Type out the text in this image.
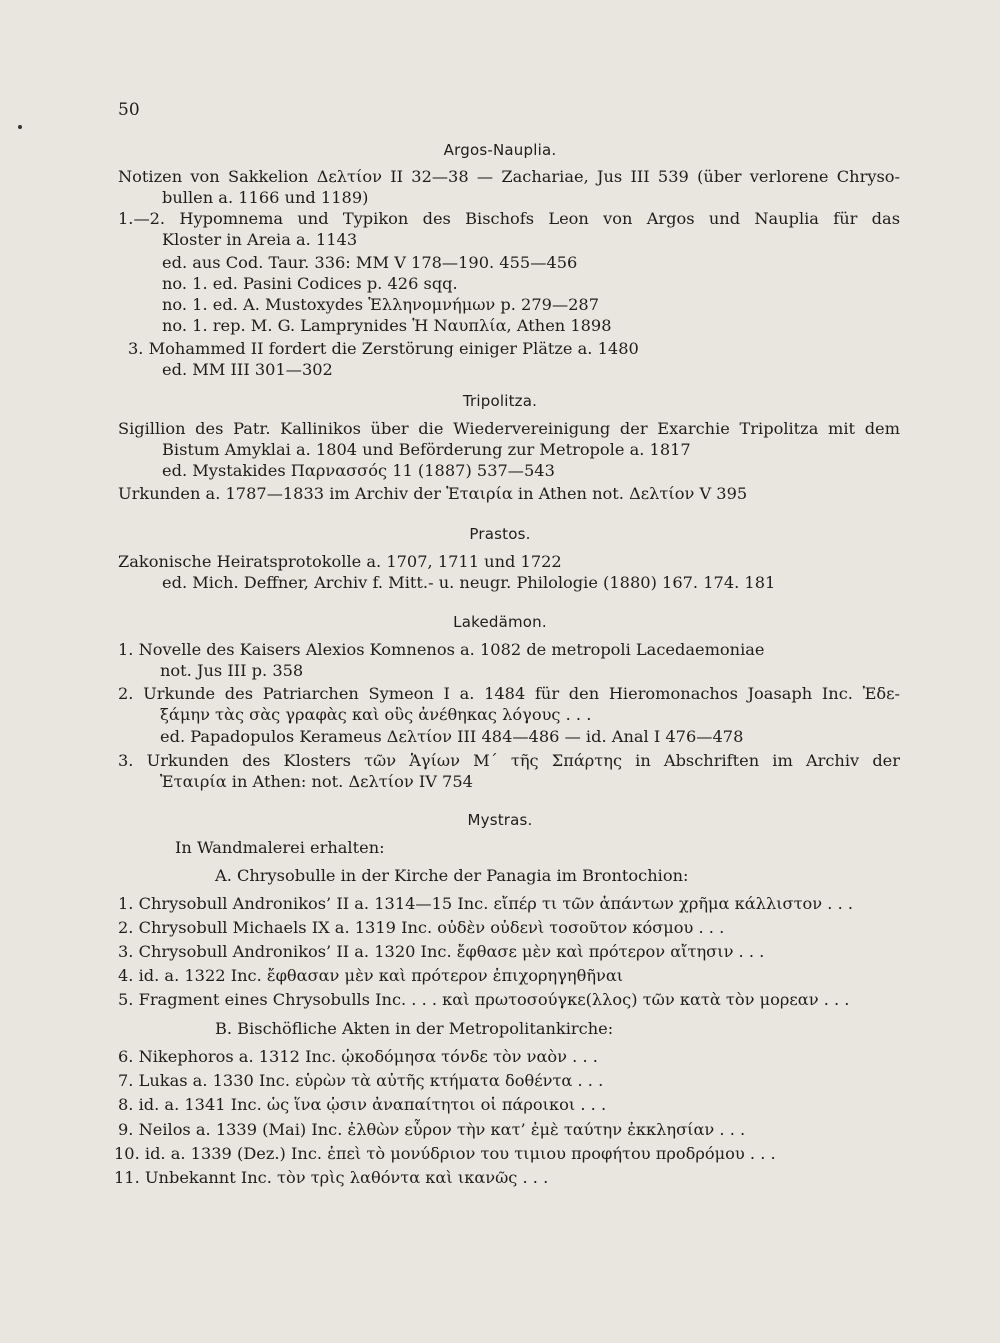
50
Argos-Nauplia.
Notizen von Sakkelion Δελτίον II 32—38 — Zachariae, Jus III 539 (über verlorene Chryso-
bullen a. 1166 und 1189)
1.—2. Hypomnema und Typikon des Bischofs Leon von Argos und Nauplia für das
Kloster in Areia a. 1143
ed. aus Cod. Taur. 336: MM V 178—190. 455—456
no. 1. ed. Pasini Codices p. 426 sqq.
no. 1. ed. A. Mustoxydes Ἑλληνομνήμων p. 279—287
no. 1. rep. M. G. Lamprynides Ἡ Ναυπλία, Athen 1898
3. Mohammed II fordert die Zerstörung einiger Plätze a. 1480
ed. MM III 301—302
Tripolitza.
Sigillion des Patr. Kallinikos über die Wiedervereinigung der Exarchie Tripolitza mit dem
Bistum Amyklai a. 1804 und Beförderung zur Metropole a. 1817
ed. Mystakides Παρνασσός 11 (1887) 537—543
Urkunden a. 1787—1833 im Archiv der Ἑταιρία in Athen not. Δελτίον V 395
Prastos.
Zakonische Heiratsprotokolle a. 1707, 1711 und 1722
ed. Mich. Deffner, Archiv f. Mitt.- u. neugr. Philologie (1880) 167. 174. 181
Lakedämon.
1. Novelle des Kaisers Alexios Komnenos a. 1082 de metropoli Lacedaemoniae
not. Jus III p. 358
2. Urkunde des Patriarchen Symeon I a. 1484 für den Hieromonachos Joasaph Inc. Ἐδε-
ξάμην τὰς σὰς γραφὰς καὶ οὓς ἀνέθηκας λόγους . . .
ed. Papadopulos Kerameus Δελτίον III 484—486 — id. Anal I 476—478
3. Urkunden des Klosters τῶν Ἁγίων Μ΄ τῆς Σπάρτης in Abschriften im Archiv der
Ἑταιρία in Athen: not. Δελτίον IV 754
Mystras.
In Wandmalerei erhalten:
A. Chrysobulle in der Kirche der Panagia im Brontochion:
1. Chrysobull Andronikos’ II a. 1314—15 Inc. εἴπέρ τι τῶν ἁπάντων χρῆμα κάλλιστον . . .
2. Chrysobull Michaels IX a. 1319 Inc. οὐδὲν οὐδενὶ τοσοῦτον κόσμου . . .
3. Chrysobull Andronikos’ II a. 1320 Inc. ἔφθασε μὲν καὶ πρότερον αἴτησιν . . .
4. id. a. 1322 Inc. ἔφθασαν μὲν καὶ πρότερον ἐπιχορηγηθῆναι
5. Fragment eines Chrysobulls Inc. . . . καὶ πρωτοσούγκε(λλος) τῶν κατὰ τὸν μορεαν . . .
B. Bischöfliche Akten in der Metropolitankirche:
6. Nikephoros a. 1312 Inc. ᾠκοδόμησα τόνδε τὸν ναὸν . . .
7. Lukas a. 1330 Inc. εὑρὼν τὰ αὐτῆς κτήματα δοθέντα . . .
8. id. a. 1341 Inc. ὡς ἵνα ᾠσιν ἀναπαίτητοι οἱ πάροικοι . . .
9. Neilos a. 1339 (Mai) Inc. ἐλθὼν εὗρον τὴν κατ’ ἐμὲ ταύτην ἐκκλησίαν . . .
10. id. a. 1339 (Dez.) Inc. ἐπεὶ τὸ μονύδριον του τιμιου προφήτου προδρόμου . . .
11. Unbekannt Inc. τὸν τρὶς λαθόντα καὶ ικανῶς . . .
